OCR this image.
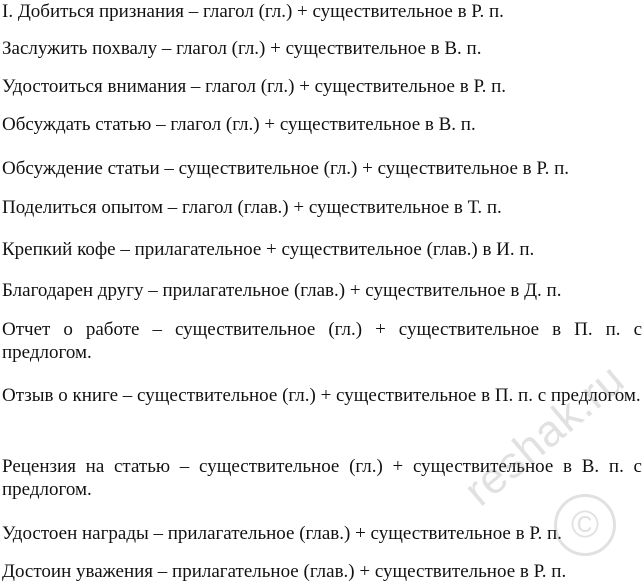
I. Добиться признания – глагол (гл.) + существительное в Р. п.

Заслужить похвалу – глагол (гл.) + существительное в В. п.

Удостоиться внимания – глагол (гл.) + существительное в Р. п.

Обсуждать статью – глагол (гл.) + существительное в В. п.

Обсуждение статьи – существительное (гл.) + существительное в Р. п.

Поделиться опытом – глагол (глав.) + существительное в Т. п.

Крепкий кофе – прилагательное + существительное (глав.) в И. п.

Благодарен другу – прилагательное (глав.) + существительное в Д. п.

Отчет о работе – существительное (гл.) + существительное в П. п. с предлогом.

Отзыв о книге – существительное (гл.) + существительное в П. п. с предлогом.

Рецензия на статью – существительное (гл.) + существительное в В. п. с предлогом.

Удостоен награды – прилагательное (глав.) + существительное в Р. п.

Достоин уважения – прилагательное (глав.) + существительное в Р. п.

©
reshak.ru
